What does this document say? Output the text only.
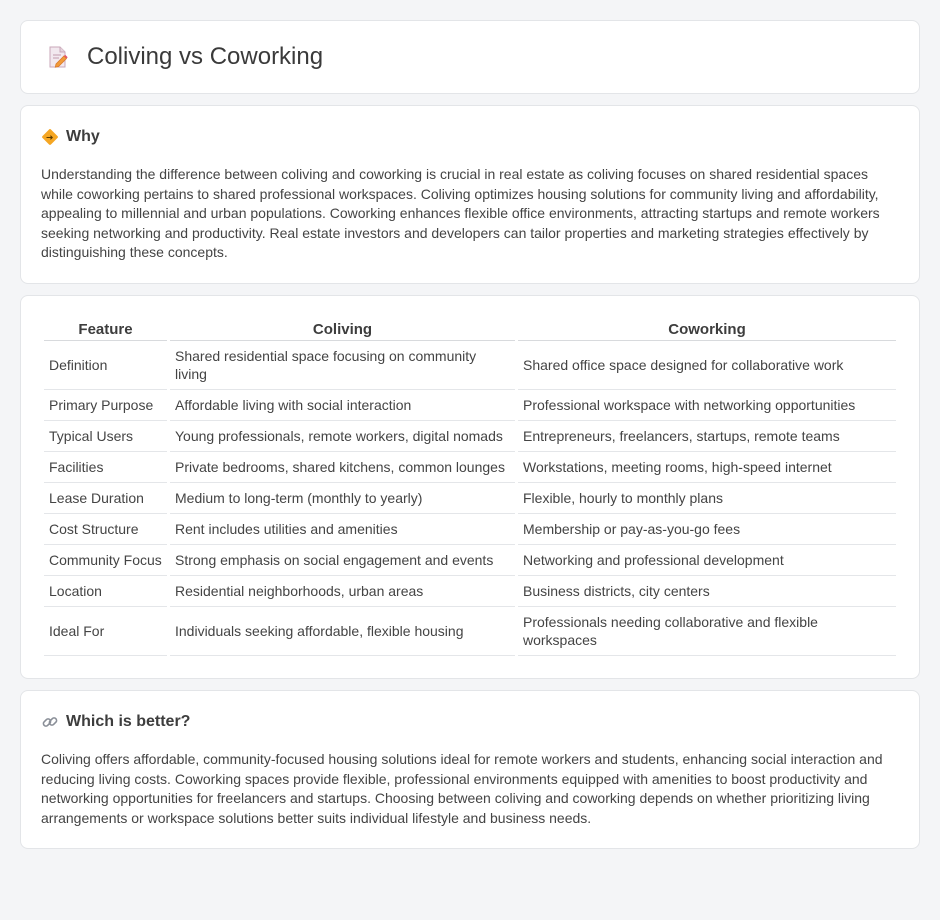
Coliving vs Coworking
Why

Understanding the difference between coliving and coworking is crucial in real estate as coliving focuses on shared residential spaces while coworking pertains to shared professional workspaces. Coliving optimizes housing solutions for community living and affordability, appealing to millennial and urban populations. Coworking enhances flexible office environments, attracting startups and remote workers seeking networking and productivity. Real estate investors and developers can tailor properties and marketing strategies effectively by distinguishing these concepts.

Feature	Coliving	Coworking
Definition	Shared residential space focusing on community living	Shared office space designed for collaborative work
Primary Purpose	Affordable living with social interaction	Professional workspace with networking opportunities
Typical Users	Young professionals, remote workers, digital nomads	Entrepreneurs, freelancers, startups, remote teams
Facilities	Private bedrooms, shared kitchens, common lounges	Workstations, meeting rooms, high-speed internet
Lease Duration	Medium to long-term (monthly to yearly)	Flexible, hourly to monthly plans
Cost Structure	Rent includes utilities and amenities	Membership or pay-as-you-go fees
Community Focus	Strong emphasis on social engagement and events	Networking and professional development
Location	Residential neighborhoods, urban areas	Business districts, city centers
Ideal For	Individuals seeking affordable, flexible housing	Professionals needing collaborative and flexible workspaces
Which is better?

Coliving offers affordable, community-focused housing solutions ideal for remote workers and students, enhancing social interaction and reducing living costs. Coworking spaces provide flexible, professional environments equipped with amenities to boost productivity and networking opportunities for freelancers and startups. Choosing between coliving and coworking depends on whether prioritizing living arrangements or workspace solutions better suits individual lifestyle and business needs.
